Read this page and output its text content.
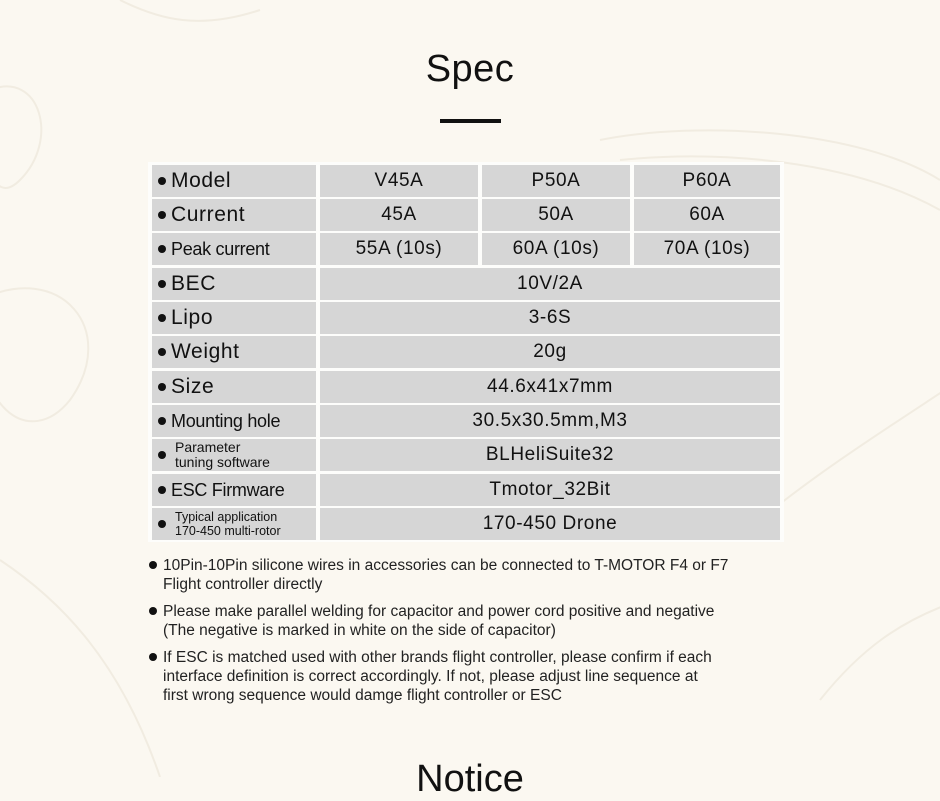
Spec
Model	V45A	P50A	P60A
Current	45A	50A	60A
Peak current	55A (10s)	60A (10s)	70A (10s)
BEC	10V/2A
Lipo	3-6S
Weight	20g
Size	44.6x41x7mm
Mounting hole	30.5x30.5mm,M3
Parameter
tuning software	BLHeliSuite32
ESC Firmware	Tmotor_32Bit
Typical application
170-450 multi-rotor	170-450 Drone
10Pin-10Pin silicone wires in accessories can be connected to T-MOTOR F4 or F7
Flight controller directly
Please make parallel welding for capacitor and power cord positive and negative
(The negative is marked in white on the side of capacitor)
If ESC is matched used with other brands flight controller, please confirm if each
interface definition is correct accordingly. If not, please adjust line sequence at
first wrong sequence would damge flight controller or ESC
Notice
